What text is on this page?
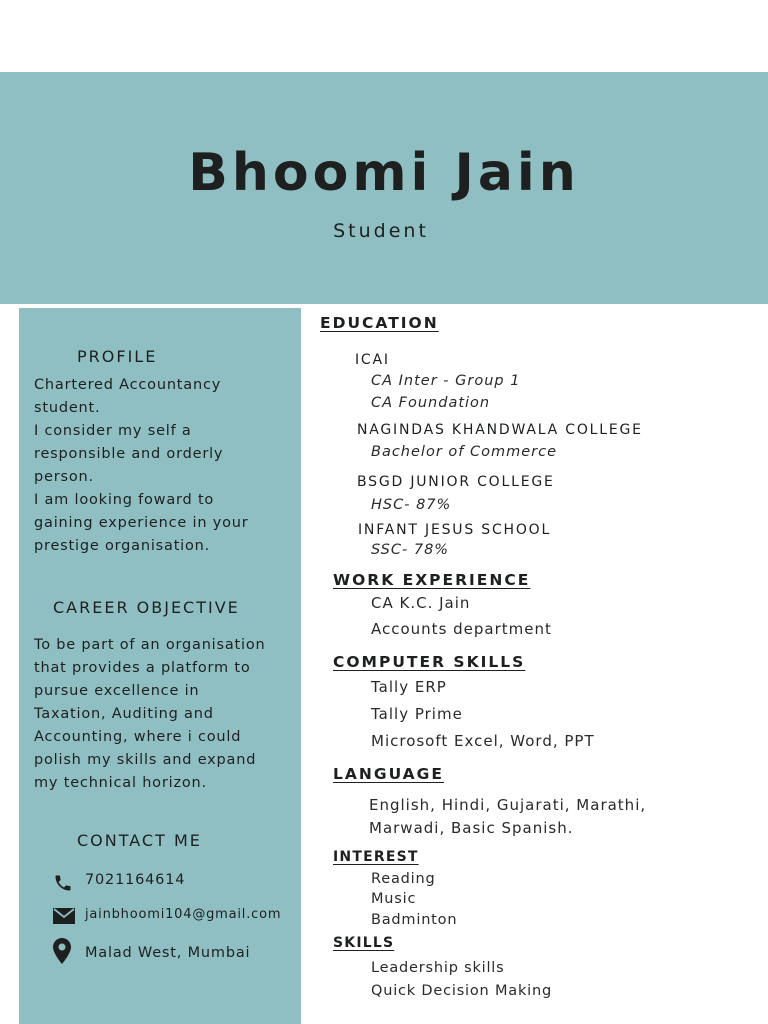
Bhoomi Jain
Student
PROFILE
Chartered Accountancy
student.
I consider my self a
responsible and orderly
person.
I am looking foward to
gaining experience in your
prestige organisation.
CAREER OBJECTIVE
To be part of an organisation
that provides a platform to
pursue excellence in
Taxation, Auditing and
Accounting, where i could
polish my skills and expand
my technical horizon.
CONTACT ME
7021164614
jainbhoomi104@gmail.com
Malad West, Mumbai
EDUCATION
ICAI
CA Inter - Group 1
CA Foundation
NAGINDAS KHANDWALA COLLEGE
Bachelor of Commerce
BSGD JUNIOR COLLEGE
HSC- 87%
INFANT JESUS SCHOOL
SSC- 78%
WORK EXPERIENCE
CA K.C. Jain
Accounts department
COMPUTER SKILLS
Tally ERP
Tally Prime
Microsoft Excel, Word, PPT
LANGUAGE
English, Hindi, Gujarati, Marathi,
Marwadi, Basic Spanish.
INTEREST
Reading
Music
Badminton
SKILLS
Leadership skills
Quick Decision Making
